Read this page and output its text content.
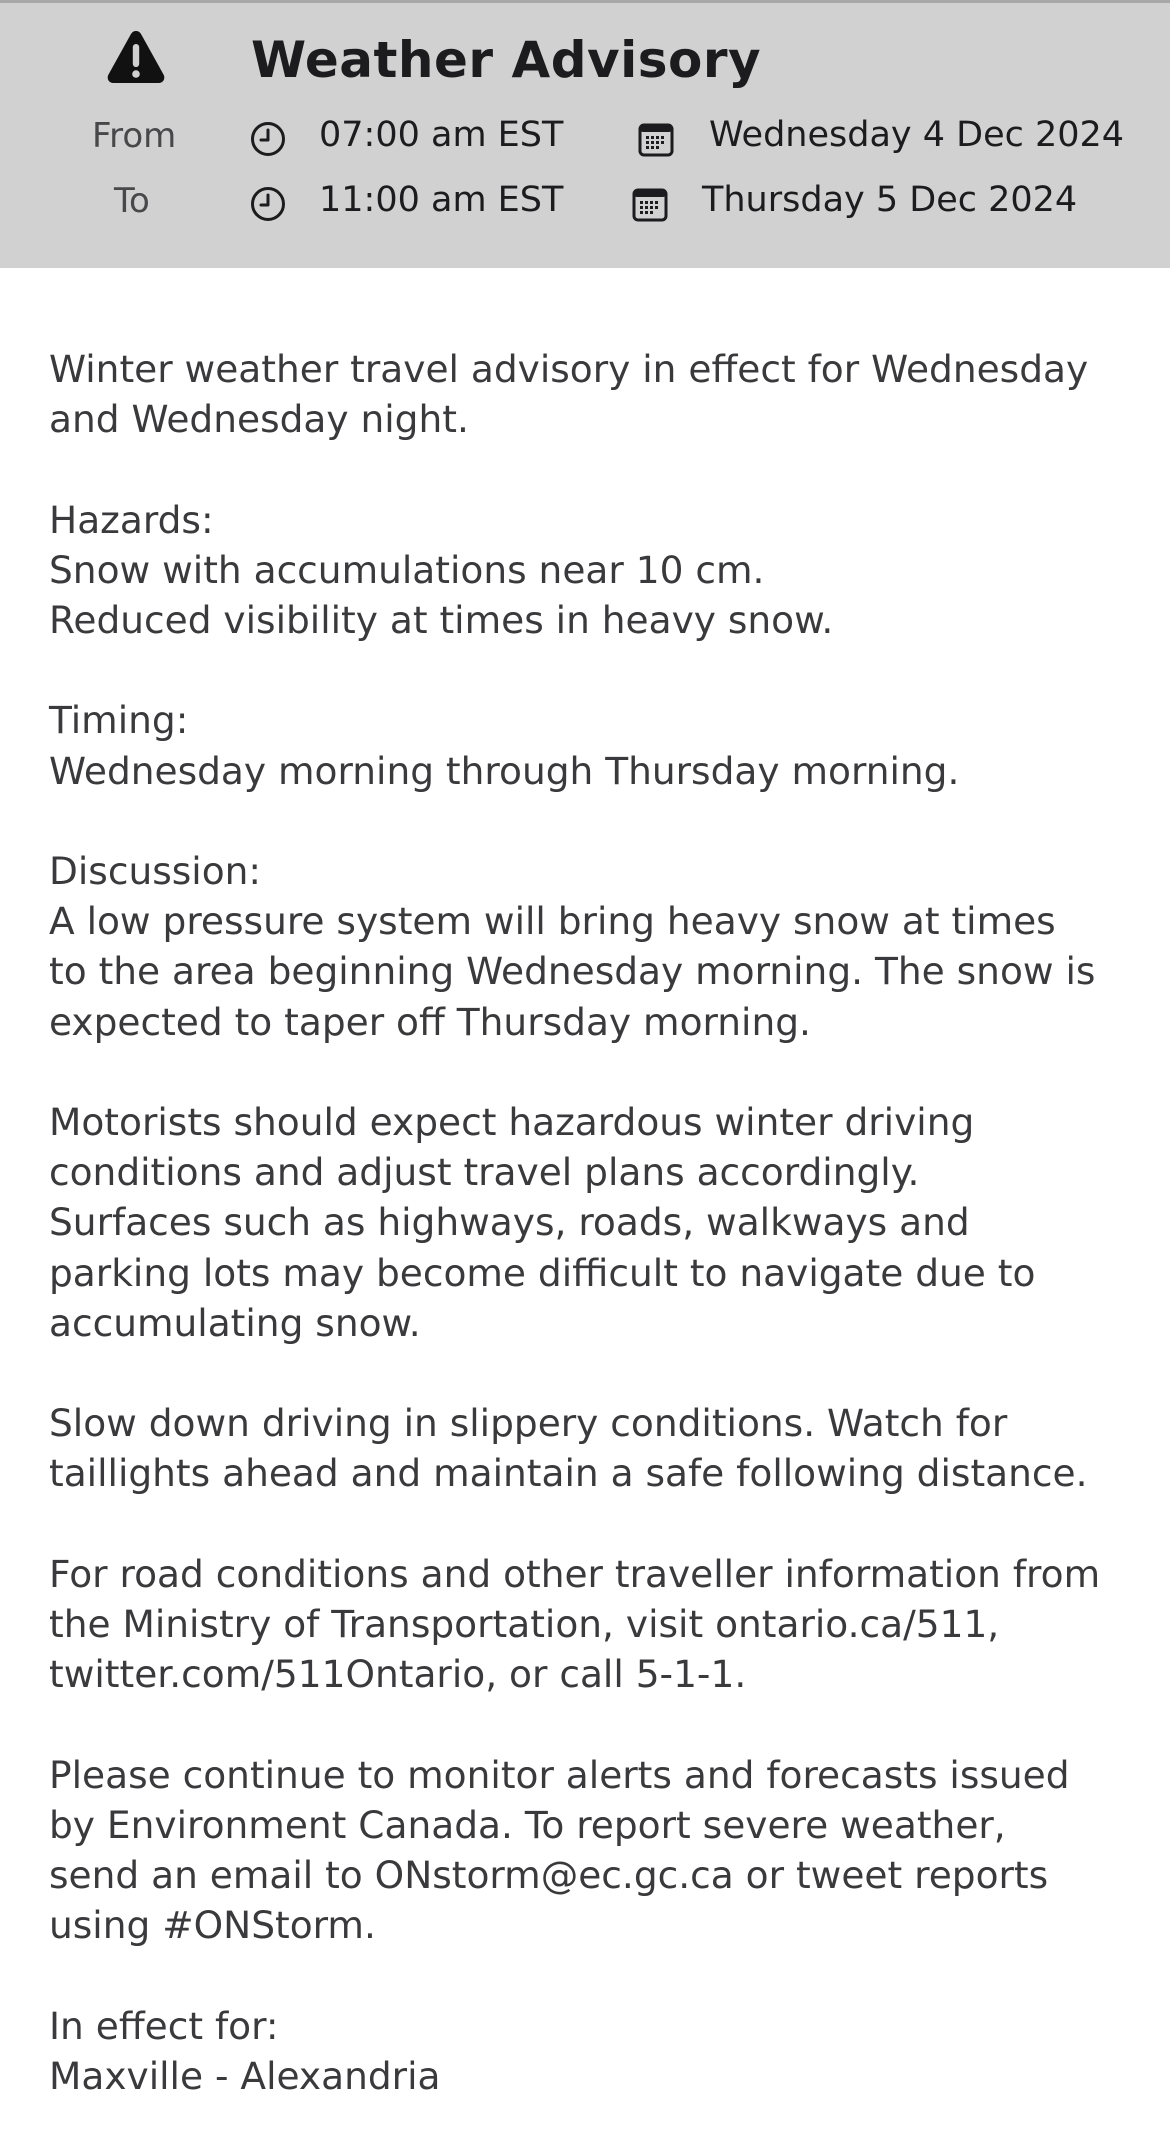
Weather Advisory
From	07:00 am EST	Wednesday 4 Dec 2024
To	11:00 am EST	Thursday 5 Dec 2024

Winter weather travel advisory in effect for Wednesday
and Wednesday night.

Hazards:
Snow with accumulations near 10 cm.
Reduced visibility at times in heavy snow.

Timing:
Wednesday morning through Thursday morning.

Discussion:
A low pressure system will bring heavy snow at times
to the area beginning Wednesday morning. The snow is
expected to taper off Thursday morning.

Motorists should expect hazardous winter driving
conditions and adjust travel plans accordingly.
Surfaces such as highways, roads, walkways and
parking lots may become difficult to navigate due to
accumulating snow.

Slow down driving in slippery conditions. Watch for
taillights ahead and maintain a safe following distance.

For road conditions and other traveller information from
the Ministry of Transportation, visit ontario.ca/511,
twitter.com/511Ontario, or call 5-1-1.

Please continue to monitor alerts and forecasts issued
by Environment Canada. To report severe weather,
send an email to ONstorm@ec.gc.ca or tweet reports
using #ONStorm.

In effect for:
Maxville - Alexandria
